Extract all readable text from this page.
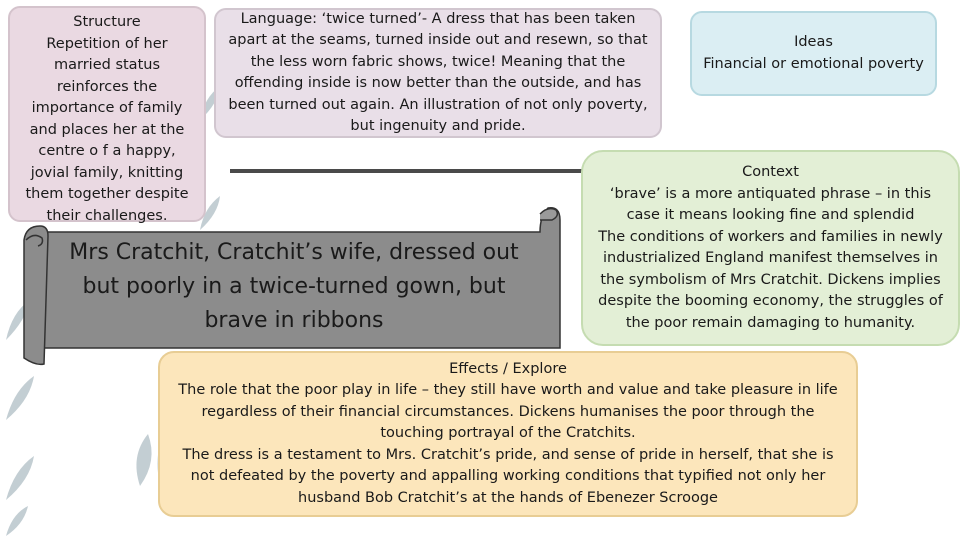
Mrs Cratchit, Cratchit’s wife, dressed out
but poorly in a twice-turned gown, but
brave in ribbons
Structure
Repetition of her
married status
reinforces the
importance of family
and places her at the
centre o f a happy,
jovial family, knitting
them together despite
their challenges.
Language: ‘twice turned’- A dress that has been taken
apart at the seams, turned inside out and resewn, so that
the less worn fabric shows, twice! Meaning that the
offending inside is now better than the outside, and has
been turned out again. An illustration of not only poverty,
but ingenuity and pride.
Ideas
Financial or emotional poverty
Context
‘brave’ is a more antiquated phrase – in this
case it means looking fine and splendid
The conditions of workers and families in newly
industrialized England manifest themselves in
the symbolism of Mrs Cratchit. Dickens implies
despite the booming economy, the struggles of
the poor remain damaging to humanity.
Effects / Explore
The role that the poor play in life – they still have worth and value and take pleasure in life
regardless of their financial circumstances. Dickens humanises the poor through the
touching portrayal of the Cratchits.
The dress is a testament to Mrs. Cratchit’s pride, and sense of pride in herself, that she is
not defeated by the poverty and appalling working conditions that typified not only her
husband Bob Cratchit’s at the hands of Ebenezer Scrooge
